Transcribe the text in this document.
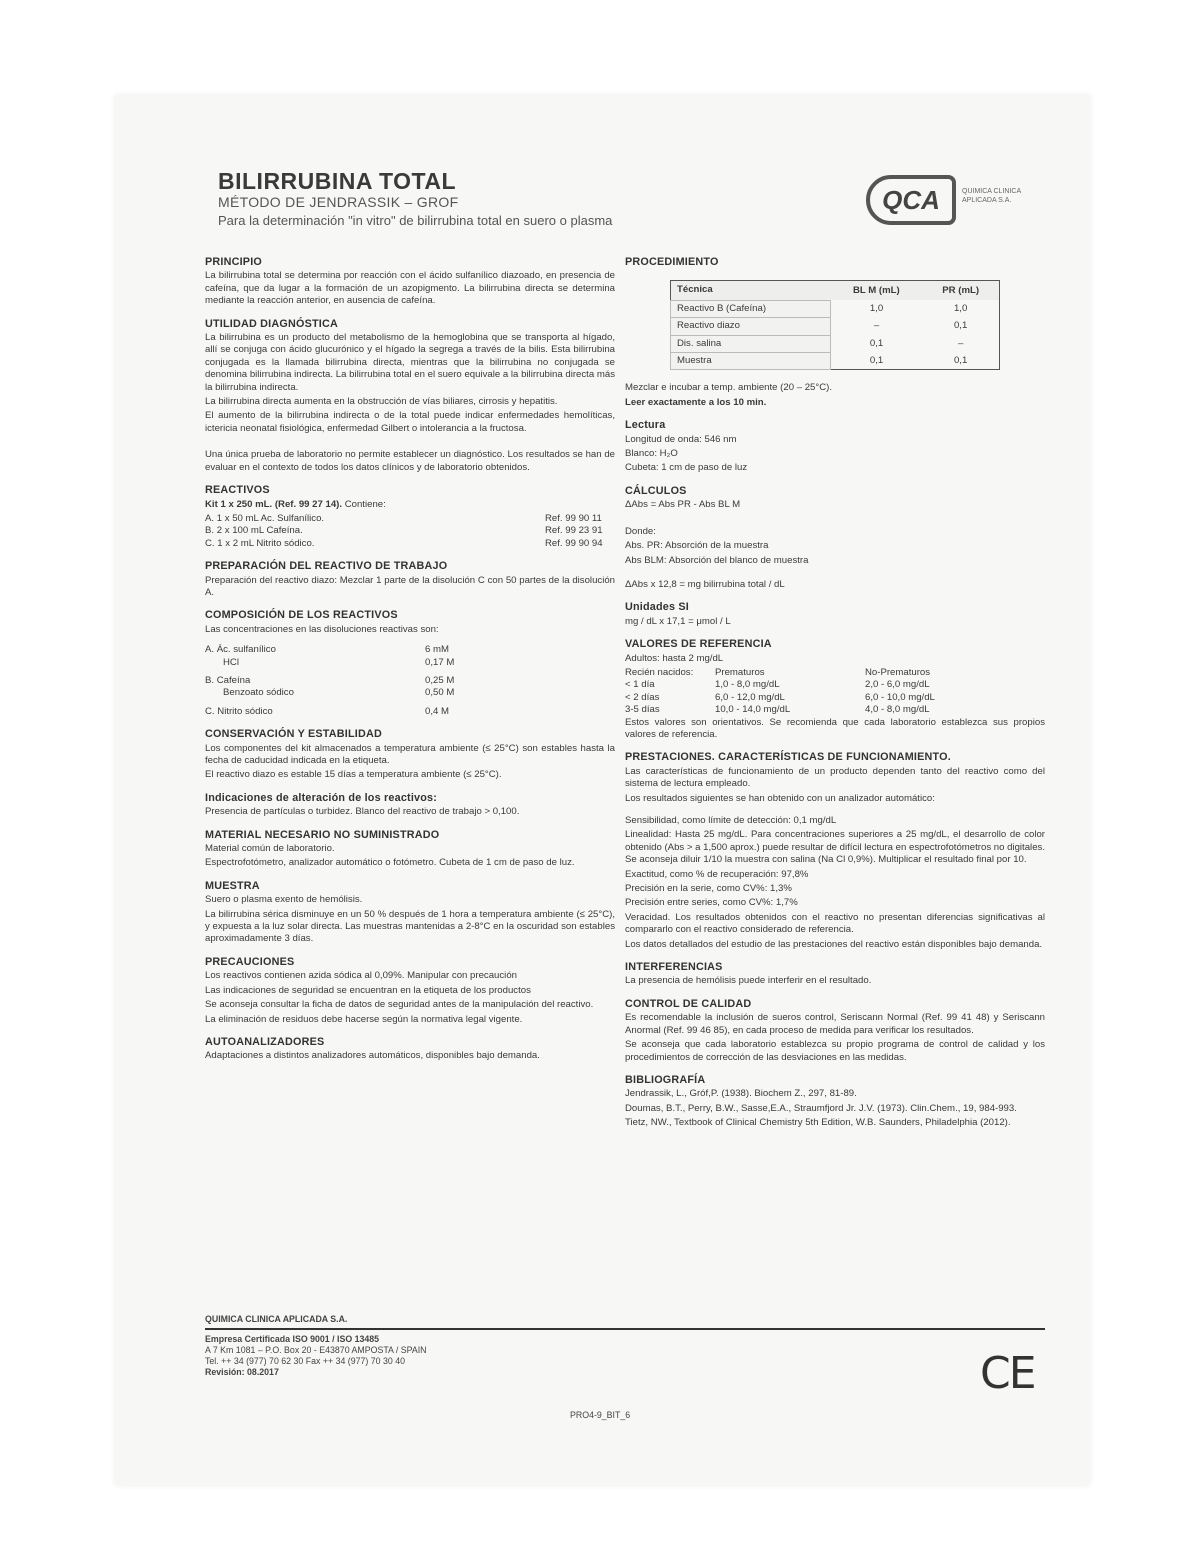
BILIRRUBINA TOTAL
MÉTODO DE JENDRASSIK – GROF
Para la determinación "in vitro" de bilirrubina total en suero o plasma
QCA	QUIMICA CLINICA APLICADA S.A.
PRINCIPIO

La bilirrubina total se determina por reacción con el ácido sulfanílico diazoado, en presencia de cafeína, que da lugar a la formación de un azopigmento. La bilirrubina directa se determina mediante la reacción anterior, en ausencia de cafeína.

UTILIDAD DIAGNÓSTICA

La bilirrubina es un producto del metabolismo de la hemoglobina que se transporta al hígado, allí se conjuga con ácido glucurónico y el hígado la segrega a través de la bilis. Esta bilirrubina conjugada es la llamada bilirrubina directa, mientras que la bilirrubina no conjugada se denomina bilirrubina indirecta. La bilirrubina total en el suero equivale a la bilirrubina directa más la bilirrubina indirecta.

La bilirrubina directa aumenta en la obstrucción de vías biliares, cirrosis y hepatitis.

El aumento de la bilirrubina indirecta o de la total puede indicar enfermedades hemolíticas, ictericia neonatal fisiológica, enfermedad Gilbert o intolerancia a la fructosa.

Una única prueba de laboratorio no permite establecer un diagnóstico. Los resultados se han de evaluar en el contexto de todos los datos clínicos y de laboratorio obtenidos.

REACTIVOS

Kit 1 x 250 mL. (Ref. 99 27 14). Contiene:

A. 1 x 50 mL Ac. Sulfanílico.	Ref. 99 90 11
B. 2 x 100 mL Cafeína.	Ref. 99 23 91
C. 1 x 2 mL Nitrito sódico.	Ref. 99 90 94
PREPARACIÓN DEL REACTIVO DE TRABAJO

Preparación del reactivo diazo: Mezclar 1 parte de la disolución C con 50 partes de la disolución A.

COMPOSICIÓN DE LOS REACTIVOS

Las concentraciones en las disoluciones reactivas son:

A. Ác. sulfanílico	6 mM
HCl	0,17 M
B. Cafeína	0,25 M
Benzoato sódico	0,50 M
C. Nitrito sódico	0,4 M
CONSERVACIÓN Y ESTABILIDAD

Los componentes del kit almacenados a temperatura ambiente (≤ 25°C) son estables hasta la fecha de caducidad indicada en la etiqueta.

El reactivo diazo es estable 15 días a temperatura ambiente (≤ 25°C).

Indicaciones de alteración de los reactivos:

Presencia de partículas o turbidez. Blanco del reactivo de trabajo > 0,100.

MATERIAL NECESARIO NO SUMINISTRADO

Material común de laboratorio.

Espectrofotómetro, analizador automático o fotómetro. Cubeta de 1 cm de paso de luz.

MUESTRA

Suero o plasma exento de hemólisis.

La bilirrubina sérica disminuye en un 50 % después de 1 hora a temperatura ambiente (≤ 25°C), y expuesta a la luz solar directa. Las muestras mantenidas a 2-8°C en la oscuridad son estables aproximadamente 3 días.

PRECAUCIONES

Los reactivos contienen azida sódica al 0,09%. Manipular con precaución

Las indicaciones de seguridad se encuentran en la etiqueta de los productos

Se aconseja consultar la ficha de datos de seguridad antes de la manipulación del reactivo.

La eliminación de residuos debe hacerse según la normativa legal vigente.

AUTOANALIZADORES

Adaptaciones a distintos analizadores automáticos, disponibles bajo demanda.

PROCEDIMIENTO
Técnica	BL M (mL)	PR (mL)
Reactivo B (Cafeína)	1,0	1,0
Reactivo diazo	–	0,1
Dis. salina	0,1	–
Muestra	0,1	0,1

Mezclar e incubar a temp. ambiente (20 – 25°C).

Leer exactamente a los 10 min.

Lectura

Longitud de onda: 546 nm

Blanco: H₂O

Cubeta: 1 cm de paso de luz

CÁLCULOS

ΔAbs = Abs PR - Abs BL M

Donde:

Abs. PR: Absorción de la muestra

Abs BLM: Absorción del blanco de muestra

ΔAbs x 12,8 = mg bilirrubina total / dL

Unidades SI

mg / dL x 17,1 = μmol / L

VALORES DE REFERENCIA

Adultos: hasta 2 mg/dL

Recién nacidos:	Prematuros	No-Prematuros
< 1 día	1,0 - 8,0 mg/dL	2,0 - 6,0 mg/dL
< 2 días	6,0 - 12,0 mg/dL	6,0 - 10,0 mg/dL
3-5 días	10,0 - 14,0 mg/dL	4,0 - 8,0 mg/dL

Estos valores son orientativos. Se recomienda que cada laboratorio establezca sus propios valores de referencia.

PRESTACIONES. CARACTERÍSTICAS DE FUNCIONAMIENTO.

Las características de funcionamiento de un producto dependen tanto del reactivo como del sistema de lectura empleado.

Los resultados siguientes se han obtenido con un analizador automático:

Sensibilidad, como límite de detección: 0,1 mg/dL

Linealidad: Hasta 25 mg/dL. Para concentraciones superiores a 25 mg/dL, el desarrollo de color obtenido (Abs > a 1,500 aprox.) puede resultar de difícil lectura en espectrofotómetros no digitales. Se aconseja diluir 1/10 la muestra con salina (Na Cl 0,9%). Multiplicar el resultado final por 10.

Exactitud, como % de recuperación: 97,8%

Precisión en la serie, como CV%: 1,3%

Precisión entre series, como CV%: 1,7%

Veracidad. Los resultados obtenidos con el reactivo no presentan diferencias significativas al compararlo con el reactivo considerado de referencia.

Los datos detallados del estudio de las prestaciones del reactivo están disponibles bajo demanda.

INTERFERENCIAS

La presencia de hemólisis puede interferir en el resultado.

CONTROL DE CALIDAD

Es recomendable la inclusión de sueros control, Seriscann Normal (Ref. 99 41 48) y Seriscann Anormal (Ref. 99 46 85), en cada proceso de medida para verificar los resultados.

Se aconseja que cada laboratorio establezca su propio programa de control de calidad y los procedimientos de corrección de las desviaciones en las medidas.

BIBLIOGRAFÍA

Jendrassik, L., Gróf,P. (1938). Biochem Z., 297, 81-89.

Doumas, B.T., Perry, B.W., Sasse,E.A., Straumfjord Jr. J.V. (1973). Clin.Chem., 19, 984-993.

Tietz, NW., Textbook of Clinical Chemistry 5th Edition, W.B. Saunders, Philadelphia (2012).

QUIMICA CLINICA APLICADA S.A.
Empresa Certificada ISO 9001 / ISO 13485
A 7 Km 1081 – P.O. Box 20 - E43870 AMPOSTA / SPAIN
Tel. ++ 34 (977) 70 62 30 Fax ++ 34 (977) 70 30 40
Revisión: 08.2017
PRO4-9_BIT_6
CE
